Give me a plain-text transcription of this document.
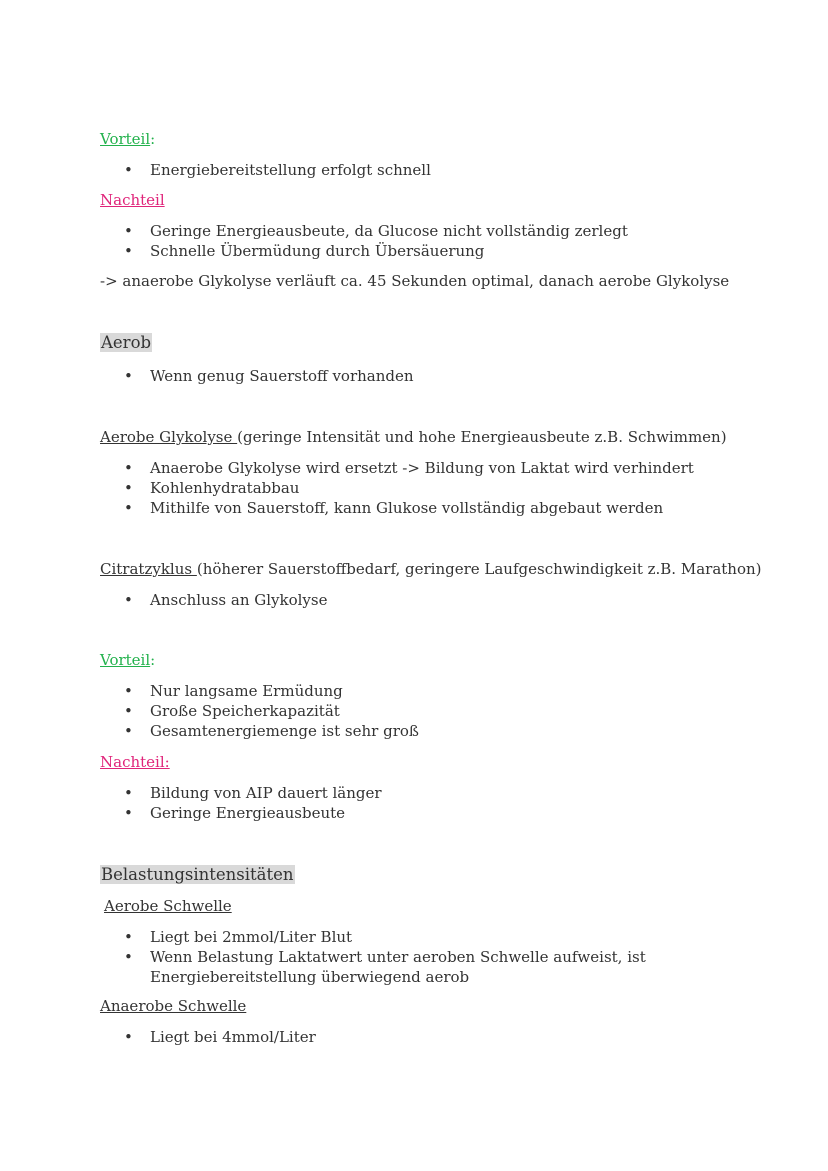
Vorteil:
• Energiebereitstellung erfolgt schnell
Nachteil
• Geringe Energieausbeute, da Glucose nicht vollständig zerlegt
• Schnelle Übermüdung durch Übersäuerung
-> anaerobe Glykolyse verläuft ca. 45 Sekunden optimal, danach aerobe Glykolyse
Aerob
• Wenn genug Sauerstoff vorhanden
Aerobe Glykolyse (geringe Intensität und hohe Energieausbeute z.B. Schwimmen)
• Anaerobe Glykolyse wird ersetzt -> Bildung von Laktat wird verhindert
• Kohlenhydratabbau
• Mithilfe von Sauerstoff, kann Glukose vollständig abgebaut werden
Citratzyklus (höherer Sauerstoffbedarf, geringere Laufgeschwindigkeit z.B. Marathon)
• Anschluss an Glykolyse
Vorteil:
• Nur langsame Ermüdung
• Große Speicherkapazität
• Gesamtenergiemenge ist sehr groß
Nachteil:
• Bildung von AIP dauert länger
• Geringe Energieausbeute
Belastungsintensitäten
Aerobe Schwelle
• Liegt bei 2mmol/Liter Blut
• Wenn Belastung Laktatwert unter aeroben Schwelle aufweist, ist
Energiebereitstellung überwiegend aerob
Anaerobe Schwelle
• Liegt bei 4mmol/Liter
